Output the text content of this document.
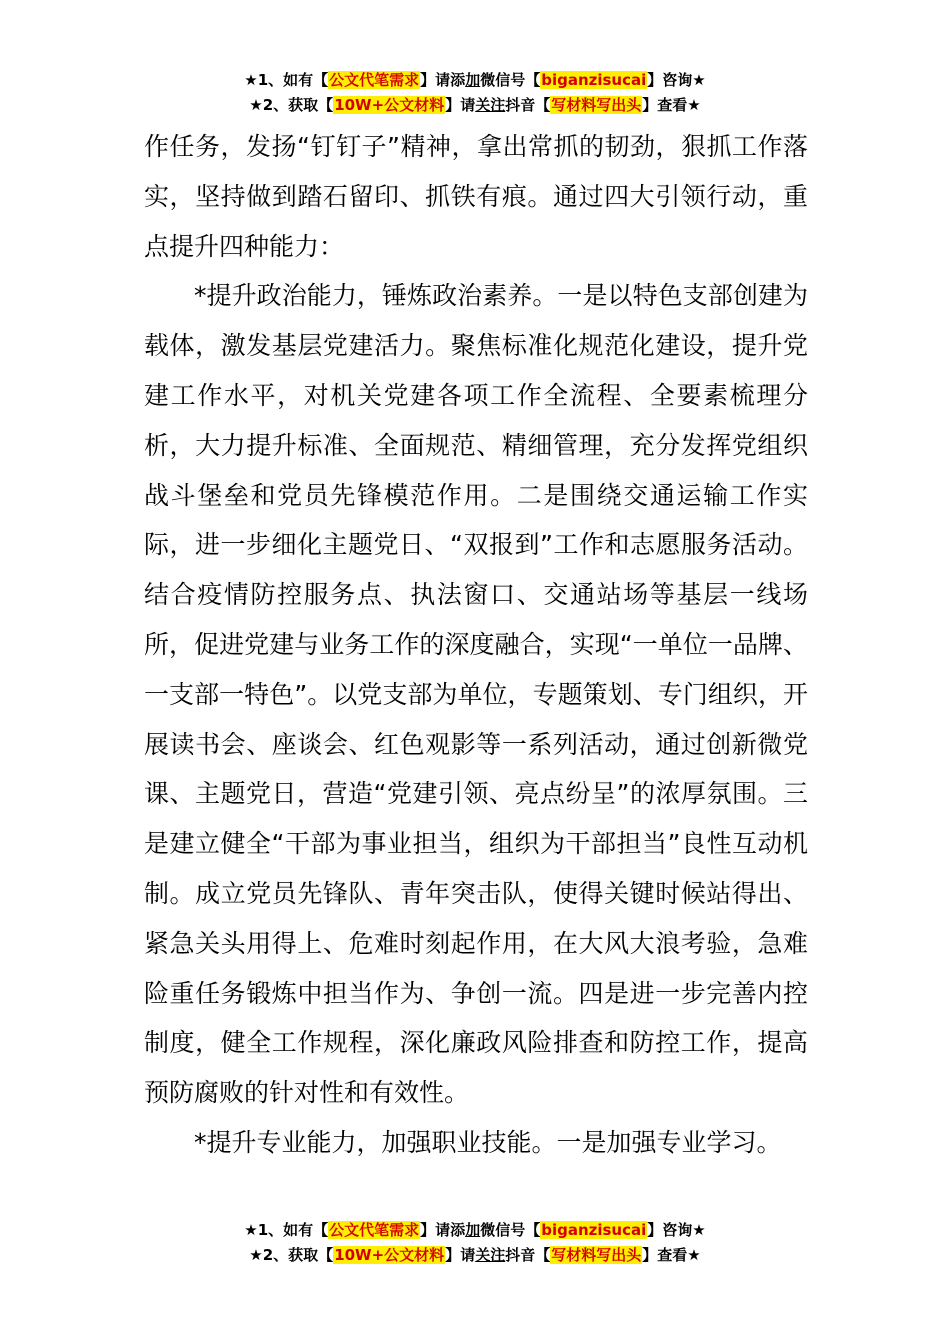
★1、如有【公文代笔需求】请添加微信号【biganzisucai】咨询★
★2、获取【10W+公文材料】请关注抖音【写材料写出头】查看★

作任务，发扬“钉钉子”精神，拿出常抓的韧劲，狠抓工作落实，坚持做到踏石留印、抓铁有痕。通过四大引领行动，重点提升四种能力：

*提升政治能力，锤炼政治素养。一是以特色支部创建为载体，激发基层党建活力。聚焦标准化规范化建设，提升党建工作水平，对机关党建各项工作全流程、全要素梳理分析，大力提升标准、全面规范、精细管理，充分发挥党组织战斗堡垒和党员先锋模范作用。二是围绕交通运输工作实际，进一步细化主题党日、“双报到”工作和志愿服务活动。结合疫情防控服务点、执法窗口、交通站场等基层一线场所，促进党建与业务工作的深度融合，实现“一单位一品牌、一支部一特色”。以党支部为单位，专题策划、专门组织，开展读书会、座谈会、红色观影等一系列活动，通过创新微党课、主题党日，营造“党建引领、亮点纷呈”的浓厚氛围。三是建立健全“干部为事业担当，组织为干部担当”良性互动机制。成立党员先锋队、青年突击队，使得关键时候站得出、紧急关头用得上、危难时刻起作用，在大风大浪考验，急难险重任务锻炼中担当作为、争创一流。四是进一步完善内控制度，健全工作规程，深化廉政风险排查和防控工作，提高预防腐败的针对性和有效性。

*提升专业能力，加强职业技能。一是加强专业学习。

★1、如有【公文代笔需求】请添加微信号【biganzisucai】咨询★
★2、获取【10W+公文材料】请关注抖音【写材料写出头】查看★
